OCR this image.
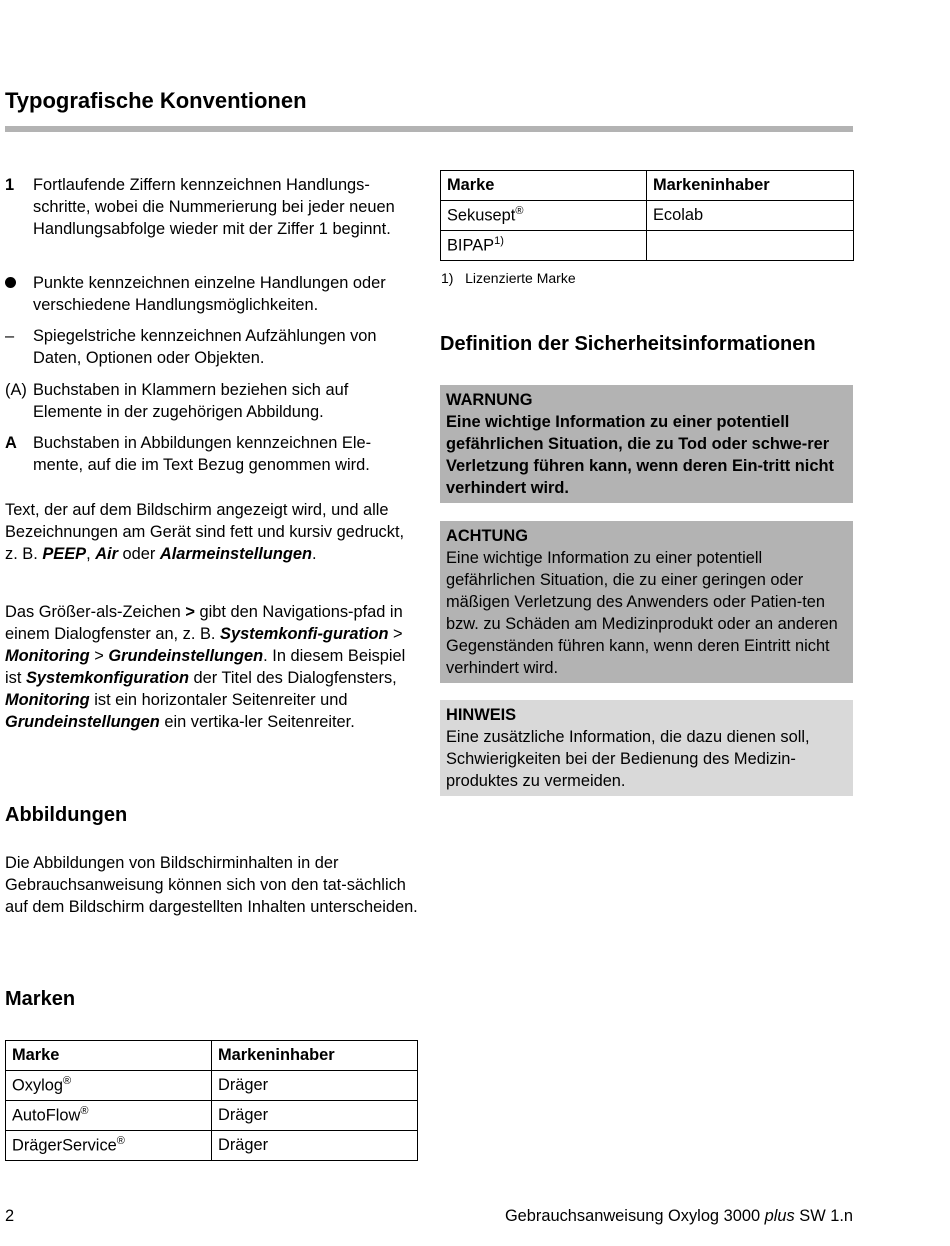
Typografische Konventionen
1 Fortlaufende Ziffern kennzeichnen Handlungs-schritte, wobei die Nummerierung bei jeder neuen Handlungsabfolge wieder mit der Ziffer 1 beginnt.
Punkte kennzeichnen einzelne Handlungen oder verschiedene Handlungsmöglichkeiten.
– Spiegelstriche kennzeichnen Aufzählungen von Daten, Optionen oder Objekten.
(A) Buchstaben in Klammern beziehen sich auf Elemente in der zugehörigen Abbildung.
A Buchstaben in Abbildungen kennzeichnen Ele-mente, auf die im Text Bezug genommen wird.

Text, der auf dem Bildschirm angezeigt wird, und alle Bezeichnungen am Gerät sind fett und kursiv gedruckt, z. B. PEEP, Air oder Alarmeinstellungen.

Das Größer-als-Zeichen > gibt den Navigations-pfad in einem Dialogfenster an, z. B. Systemkonfi-guration > Monitoring > Grundeinstellungen. In diesem Beispiel ist Systemkonfiguration der Titel des Dialogfensters, Monitoring ist ein horizontaler Seitenreiter und Grundeinstellungen ein vertika-ler Seitenreiter.

Abbildungen

Die Abbildungen von Bildschirminhalten in der Gebrauchsanweisung können sich von den tat-sächlich auf dem Bildschirm dargestellten Inhalten unterscheiden.

Marken
Marke	Markeninhaber
Oxylog®	Dräger
AutoFlow®	Dräger
DrägerService®	Dräger
Marke	Markeninhaber
Sekusept®	Ecolab
BIPAP$^{1)}$	
1) Lizenzierte Marke
Definition der Sicherheitsinformationen
WARNUNG
Eine wichtige Information zu einer potentiell gefährlichen Situation, die zu Tod oder schwe-rer Verletzung führen kann, wenn deren Ein-tritt nicht verhindert wird.
ACHTUNG
Eine wichtige Information zu einer potentiell gefährlichen Situation, die zu einer geringen oder mäßigen Verletzung des Anwenders oder Patien-ten bzw. zu Schäden am Medizinprodukt oder an anderen Gegenständen führen kann, wenn deren Eintritt nicht verhindert wird.
HINWEIS
Eine zusätzliche Information, die dazu dienen soll, Schwierigkeiten bei der Bedienung des Medizin-produktes zu vermeiden.
2	Gebrauchsanweisung Oxylog 3000 plus SW 1.n
